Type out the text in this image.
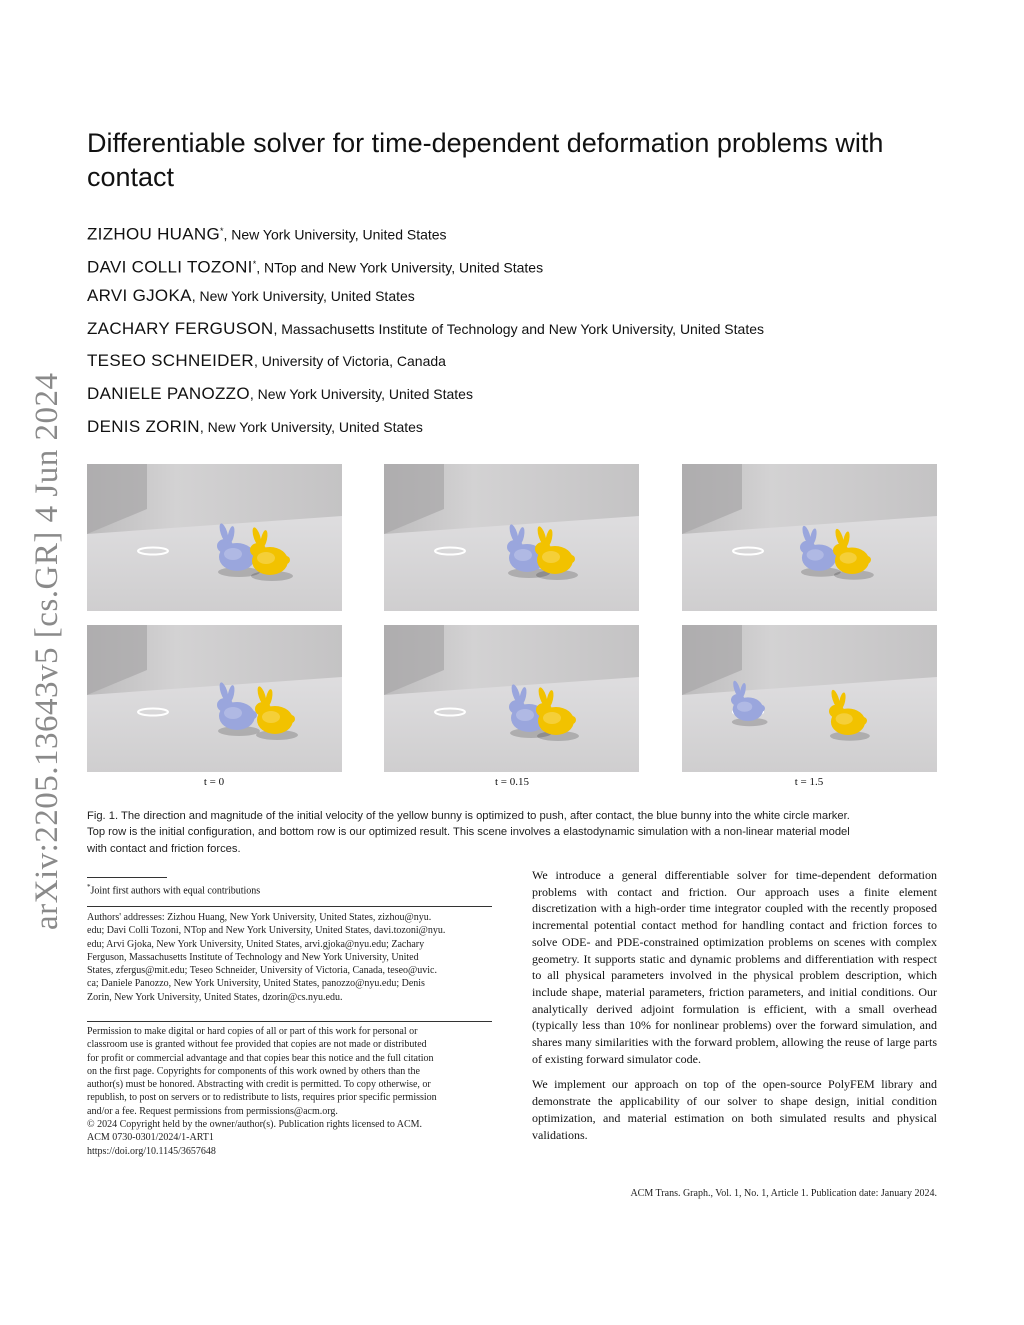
arXiv:2205.13643v5 [cs.GR] 4 Jun 2024
Differentiable solver for time-dependent deformation problems with contact
ZIZHOU HUANG*, New York University, United States
DAVI COLLI TOZONI*, NTop and New York University, United States
ARVI GJOKA, New York University, United States
ZACHARY FERGUSON, Massachusetts Institute of Technology and New York University, United States
TESEO SCHNEIDER, University of Victoria, Canada
DANIELE PANOZZO, New York University, United States
DENIS ZORIN, New York University, United States
t = 0	t = 0.15	t = 1.5
Fig. 1. The direction and magnitude of the initial velocity of the yellow bunny is optimized to push, after contact, the blue bunny into the white circle marker.
Top row is the initial configuration, and bottom row is our optimized result. This scene involves a elastodynamic simulation with a non-linear material model
with contact and friction forces.
*Joint first authors with equal contributions
Authors' addresses: Zizhou Huang, New York University, United States, zizhou@nyu.
edu; Davi Colli Tozoni, NTop and New York University, United States, davi.tozoni@nyu.
edu; Arvi Gjoka, New York University, United States, arvi.gjoka@nyu.edu; Zachary
Ferguson, Massachusetts Institute of Technology and New York University, United
States, zfergus@mit.edu; Teseo Schneider, University of Victoria, Canada, teseo@uvic.
ca; Daniele Panozzo, New York University, United States, panozzo@nyu.edu; Denis
Zorin, New York University, United States, dzorin@cs.nyu.edu.
Permission to make digital or hard copies of all or part of this work for personal or
classroom use is granted without fee provided that copies are not made or distributed
for profit or commercial advantage and that copies bear this notice and the full citation
on the first page. Copyrights for components of this work owned by others than the
author(s) must be honored. Abstracting with credit is permitted. To copy otherwise, or
republish, to post on servers or to redistribute to lists, requires prior specific permission
and/or a fee. Request permissions from permissions@acm.org.
© 2024 Copyright held by the owner/author(s). Publication rights licensed to ACM.
ACM 0730-0301/2024/1-ART1
https://doi.org/10.1145/3657648

We introduce a general differentiable solver for time-dependent deformation problems with contact and friction. Our approach uses a finite element discretization with a high-order time integrator coupled with the recently proposed incremental potential contact method for handling contact and friction forces to solve ODE- and PDE-constrained optimization problems on scenes with complex geometry. It supports static and dynamic problems and differentiation with respect to all physical parameters involved in the physical problem description, which include shape, material parameters, friction parameters, and initial conditions. Our analytically derived adjoint formulation is efficient, with a small overhead (typically less than 10% for nonlinear problems) over the forward simulation, and shares many similarities with the forward problem, allowing the reuse of large parts of existing forward simulator code.

We implement our approach on top of the open-source PolyFEM library and demonstrate the applicability of our solver to shape design, initial condition optimization, and material estimation on both simulated results and physical validations.

ACM Trans. Graph., Vol. 1, No. 1, Article 1. Publication date: January 2024.
